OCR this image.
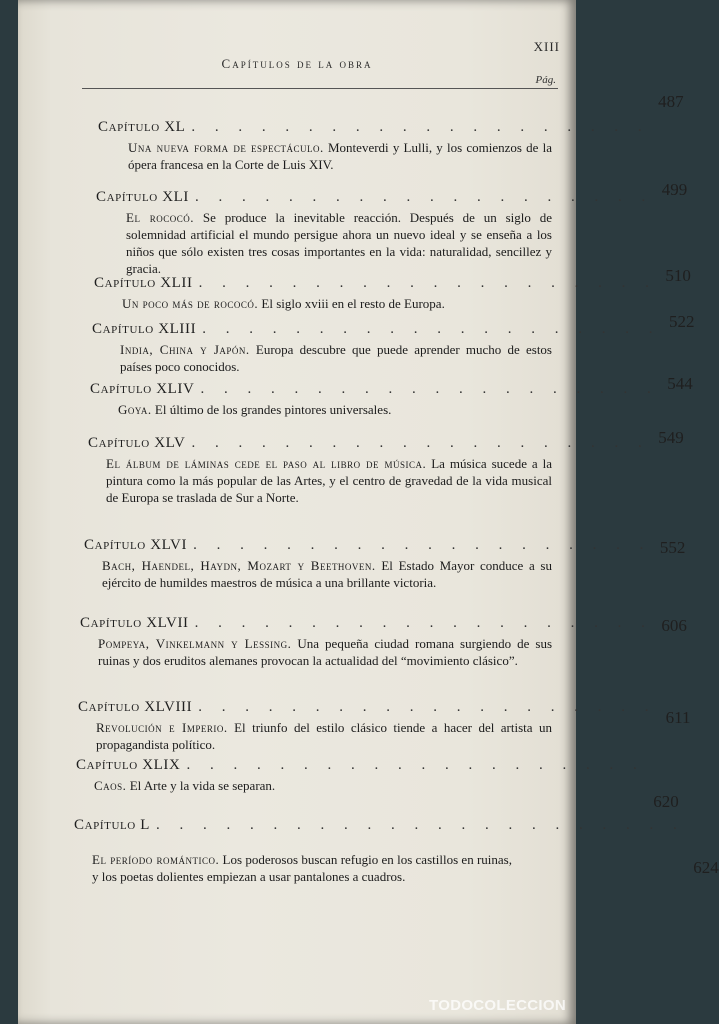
XIII
Capítulos de la obra
Pág.
Capítulo XL . . . . . . . . . . . . . . . . . . . .
487
Una nueva forma de espectáculo. Monteverdi y Lulli, y los comienzos de la ópera francesa en la Corte de Luis XIV.
Capítulo XLI . . . . . . . . . . . . . . . . . . . . 499
El rococó. Se produce la inevitable reacción. Después de un siglo de solemnidad artificial el mundo persigue ahora un nuevo ideal y se enseña a los niños que sólo existen tres cosas importantes en la vida: naturalidad, sencillez y gracia.
Capítulo XLII . . . . . . . . . . . . . . . . . . . . 510
Un poco más de rococó. El siglo xviii en el resto de Europa.
Capítulo XLIII . . . . . . . . . . . . . . . . . . . . 522
India, China y Japón. Europa descubre que puede aprender mucho de estos países poco conocidos.
Capítulo XLIV . . . . . . . . . . . . . . . . . . . . 544
Goya. El último de los grandes pintores universales.
Capítulo XLV . . . . . . . . . . . . . . . . . . . . 549
El álbum de láminas cede el paso al libro de música. La música sucede a la pintura como la más popular de las Artes, y el centro de gravedad de la vida musical de Europa se traslada de Sur a Norte.
Capítulo XLVI . . . . . . . . . . . . . . . . . . . . 552
Bach, Haendel, Haydn, Mozart y Beethoven. El Estado Mayor conduce a su ejército de humildes maestros de música a una brillante victoria.
Capítulo XLVII . . . . . . . . . . . . . . . . . . . . 606
Pompeya, Vinkelmann y Lessing. Una pequeña ciudad romana surgiendo de sus ruinas y dos eruditos alemanes provocan la actualidad del “movimiento clásico”.
Capítulo XLVIII . . . . . . . . . . . . . . . . . . . .
611
Revolución e Imperio. El triunfo del estilo clásico tiende a hacer del artista un propagandista político.
Capítulo XLIX . . . . . . . . . . . . . . . . . . . .
620
Caos. El Arte y la vida se separan.
Capítulo L . . . . . . . . . . . . . . . . . . . . . . .
624
El período romántico. Los poderosos buscan refugio en los castillos en ruinas, y los poetas dolientes empiezan a usar pantalones a cuadros.
TODOCOLECCION
